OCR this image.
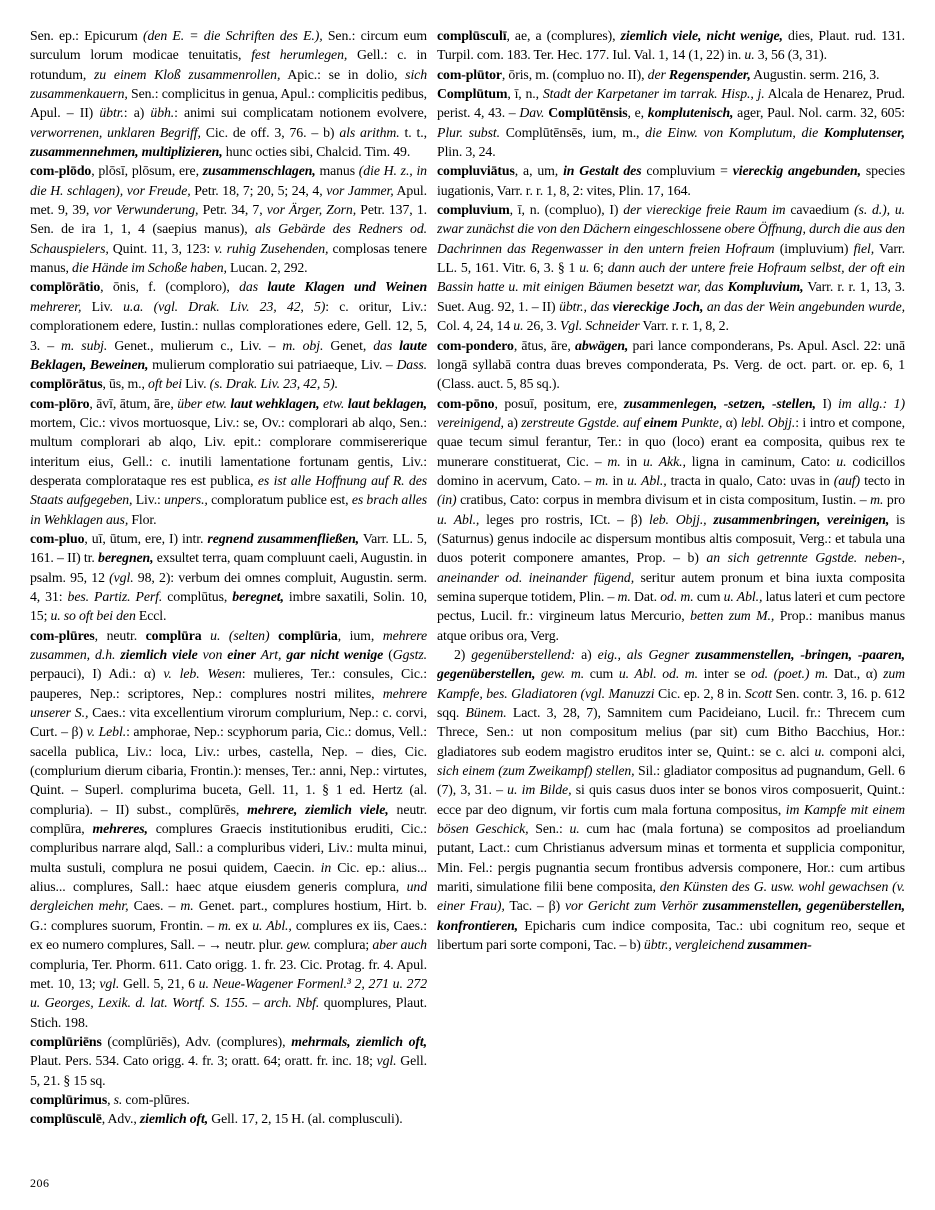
Sen. ep.: Epicurum (den E. = die Schriften des E.), Sen.: circum eum surculum lorum modicae tenuitatis, fest herumlegen, Gell.: c. in rotundum, zu einem Kloß zusammenrollen, Apic.: se in dolio, sich zusammenkauern, Sen.: complicitus in genua, Apul.: complicitis pedibus, Apul. – II) übtr.: a) übh.: animi sui complicatam notionem evolvere, verworrenen, unklaren Begriff, Cic. de off. 3, 76. – b) als arithm. t. t., zusammennehmen, multiplizieren, hunc octies sibi, Chalcid. Tim. 49.

com-plōdo, plōsī, plōsum, ere, zusammenschlagen, manus (die H. z., in die H. schlagen), vor Freude, Petr. 18, 7; 20, 5; 24, 4, vor Jammer, Apul. met. 9, 39, vor Verwunderung, Petr. 34, 7, vor Ärger, Zorn, Petr. 137, 1. Sen. de ira 1, 1, 4 (saepius manus), als Gebärde des Redners od. Schauspielers, Quint. 11, 3, 123: v. ruhig Zusehenden, complosas tenere manus, die Hände im Schoße haben, Lucan. 2, 292.

complōrātio, ōnis, f. (comploro), das laute Klagen und Weinen mehrerer, Liv. u.a. (vgl. Drak. Liv. 23, 42, 5): c. oritur, Liv.: complorationem edere, Iustin.: nullas complorationes edere, Gell. 12, 5, 3. – m. subj. Genet., mulierum c., Liv. – m. obj. Genet, das laute Beklagen, Beweinen, mulierum comploratio sui patriaeque, Liv. – Dass. complōrātus, ūs, m., oft bei Liv. (s. Drak. Liv. 23, 42, 5).

com-plōro, āvī, ātum, āre, über etw. laut wehklagen, etw. laut beklagen, mortem, Cic.: vivos mortuosque, Liv.: se, Ov.: complorari ab alqo, Sen.: multum complorari ab alqo, Liv. epit.: complorare commisererique interitum eius, Gell.: c. inutili lamentatione fortunam gentis, Liv.: desperata complorataque res est publica, es ist alle Hoffnung auf R. des Staats aufgegeben, Liv.: unpers., comploratum publice est, es brach alles in Wehklagen aus, Flor.

com-pluo, uī, ūtum, ere, I) intr. regnend zusammenfließen, Varr. LL. 5, 161. – II) tr. beregnen, exsultet terra, quam compluunt caeli, Augustin. in psalm. 95, 12 (vgl. 98, 2): verbum dei omnes compluit, Augustin. serm. 4, 31: bes. Partiz. Perf. complūtus, beregnet, imbre saxatili, Solin. 10, 15; u. so oft bei den Eccl.

com-plūres, neutr. complūra u. (selten) complūria, ium, mehrere zusammen, d.h. ziemlich viele von einer Art, gar nicht wenige (Ggstz. perpauci), I) Adi.: α) v. leb. Wesen: mulieres, Ter.: consules, Cic.: pauperes, Nep.: scriptores, Nep.: complures nostri milites, mehrere unserer S., Caes.: vita excellentium virorum complurium, Nep.: c. corvi, Curt. – β) v. Lebl.: amphorae, Nep.: scyphorum paria, Cic.: domus, Vell.: sacella publica, Liv.: loca, Liv.: urbes, castella, Nep. – dies, Cic. (complurium dierum cibaria, Frontin.): menses, Ter.: anni, Nep.: virtutes, Quint. – Superl. complurima buceta, Gell. 11, 1. § 1 ed. Hertz (al. compluria). – II) subst., complūrēs, mehrere, ziemlich viele, neutr. complūra, mehreres, complures Graecis institutionibus eruditi, Cic.: compluribus narrare alqd, Sall.: a compluribus videri, Liv.: multa minui, multa sustuli, complura ne posui quidem, Caecin. in Cic. ep.: alius... alius... complures, Sall.: haec atque eiusdem generis complura, und dergleichen mehr, Caes. – m. Genet. part., complures hostium, Hirt. b. G.: complures suorum, Frontin. – m. ex u. Abl., complures ex iis, Caes.: ex eo numero complures, Sall. – → neutr. plur. gew. complura; aber auch compluria, Ter. Phorm. 611. Cato origg. 1. fr. 23. Cic. Protag. fr. 4. Apul. met. 10, 13; vgl. Gell. 5, 21, 6 u. Neue-Wagener Formenl.³ 2, 271 u. 272 u. Georges, Lexik. d. lat. Wortf. S. 155. – arch. Nbf. quomplures, Plaut. Stich. 198.

complūriēns (complūriēs), Adv. (complures), mehrmals, ziemlich oft, Plaut. Pers. 534. Cato origg. 4. fr. 3; oratt. 64; oratt. fr. inc. 18; vgl. Gell. 5, 21. § 15 sq.

complūrimus, s. com-plūres.

complūsculē, Adv., ziemlich oft, Gell. 17, 2, 15 H. (al. complusculi).

complūsculī, ae, a (complures), ziemlich viele, nicht wenige, dies, Plaut. rud. 131. Turpil. com. 183. Ter. Hec. 177. Iul. Val. 1, 14 (1, 22) in. u. 3, 56 (3, 31).

com-plūtor, ōris, m. (compluo no. II), der Regenspender, Augustin. serm. 216, 3.

Complūtum, ī, n., Stadt der Karpetaner im tarrak. Hisp., j. Alcala de Henarez, Prud. perist. 4, 43. – Dav. Complūtēnsis, e, komplutenisch, ager, Paul. Nol. carm. 32, 605: Plur. subst. Complūtēnsēs, ium, m., die Einw. von Komplutum, die Komplutenser, Plin. 3, 24.

compluviātus, a, um, in Gestalt des compluvium = viereckig angebunden, species iugationis, Varr. r. r. 1, 8, 2: vites, Plin. 17, 164.

compluvium, ī, n. (compluo), I) der viereckige freie Raum im cavaedium (s. d.), u. zwar zunächst die von den Dächern eingeschlossene obere Öffnung, durch die aus den Dachrinnen das Regenwasser in den untern freien Hofraum (impluvium) fiel, Varr. LL. 5, 161. Vitr. 6, 3. § 1 u. 6; dann auch der untere freie Hofraum selbst, der oft ein Bassin hatte u. mit einigen Bäumen besetzt war, das Kompluvium, Varr. r. r. 1, 13, 3. Suet. Aug. 92, 1. – II) übtr., das viereckige Joch, an das der Wein angebunden wurde, Col. 4, 24, 14 u. 26, 3. Vgl. Schneider Varr. r. r. 1, 8, 2.

com-pondero, ātus, āre, abwägen, pari lance componderans, Ps. Apul. Ascl. 22: unā longā syllabā contra duas breves componderata, Ps. Verg. de oct. part. or. ep. 6, 1 (Class. auct. 5, 85 sq.).

com-pōno, posuī, positum, ere, zusammenlegen, -setzen, -stellen, I) im allg.: 1) vereinigend, a) zerstreute Ggstde. auf einem Punkte, α) lebl. Objj.: i intro et compone, quae tecum simul ferantur, Ter.: in quo (loco) erant ea composita, quibus rex te munerare constituerat, Cic. – m. in u. Akk., ligna in caminum, Cato: u. codicillos domino in acervum, Cato. – m. in u. Abl., tracta in qualo, Cato: uvas in (auf) tecto in (in) cratibus, Cato: corpus in membra divisum et in cista compositum, Iustin. – m. pro u. Abl., leges pro rostris, ICt. – β) leb. Objj., zusammenbringen, vereinigen, is (Saturnus) genus indocile ac dispersum montibus altis composuit, Verg.: et tabula una duos poterit componere amantes, Prop. – b) an sich getrennte Ggstde. neben-, aneinander od. ineinander fügend, seritur autem pronum et bina iuxta composita semina superque totidem, Plin. – m. Dat. od. m. cum u. Abl., latus lateri et cum pectore pectus, Lucil. fr.: virgineum latus Mercurio, betten zum M., Prop.: manibus manus atque oribus ora, Verg.

2) gegenüberstellend: a) eig., als Gegner zusammenstellen, -bringen, -paaren, gegenüberstellen, gew. m. cum u. Abl. od. m. inter se od. (poet.) m. Dat., α) zum Kampfe, bes. Gladiatoren (vgl. Manuzzi Cic. ep. 2, 8 in. Scott Sen. contr. 3, 16. p. 612 sqq. Bünem. Lact. 3, 28, 7), Samnitem cum Pacideiano, Lucil. fr.: Threcem cum Threce, Sen.: ut non compositum melius (par sit) cum Bitho Bacchius, Hor.: gladiatores sub eodem magistro eruditos inter se, Quint.: se c. alci u. componi alci, sich einem (zum Zweikampf) stellen, Sil.: gladiator compositus ad pugnandum, Gell. 6 (7), 3, 31. – u. im Bilde, si quis casus duos inter se bonos viros composuerit, Quint.: ecce par deo dignum, vir fortis cum mala fortuna compositus, im Kampfe mit einem bösen Geschick, Sen.: u. cum hac (mala fortuna) se compositos ad proeliandum putant, Lact.: cum Christianus adversum minas et tormenta et supplicia componitur, Min. Fel.: pergis pugnantia secum frontibus adversis componere, Hor.: cum artibus mariti, simulatione filii bene composita, den Künsten des G. usw. wohl gewachsen (v. einer Frau), Tac. – β) vor Gericht zum Verhör zusammenstellen, gegenüberstellen, konfrontieren, Epicharis cum indice composita, Tac.: ubi cognitum reo, seque et libertum pari sorte componi, Tac. – b) übtr., vergleichend zusammen-

206
